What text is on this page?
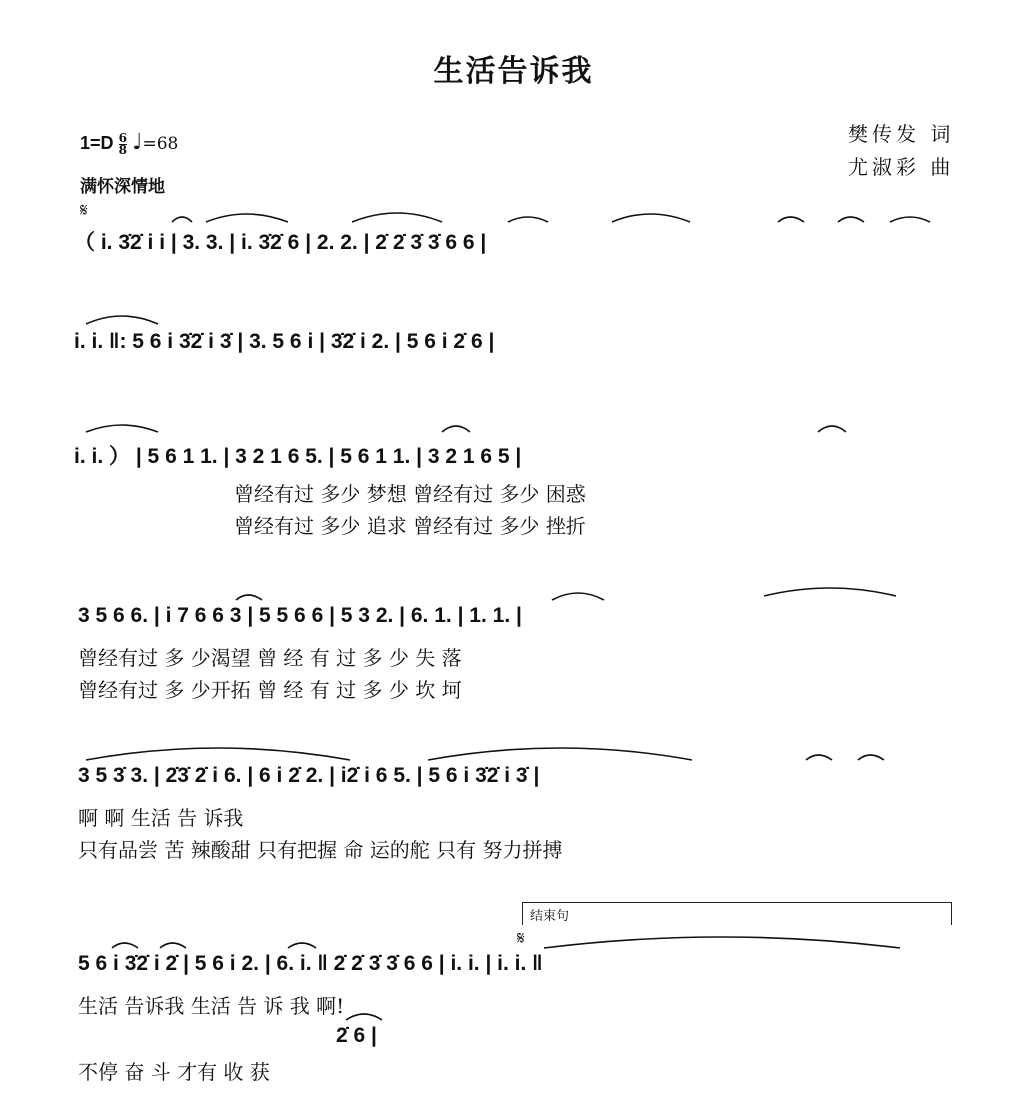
生活告诉我
樊传发 词
尤淑彩 曲
$1=D \frac{6}{8}$ ♩=68
满怀深情地
𝄋
（ i. 3̇2̇ i i | 3. 3. | i. 3̇2̇ 6 | 2. 2. | 2̇ 2̇ 3̇ 3̇ 6 6 |
i. i. ‖: 5 6 i 3̇2̇ i 3̇ | 3. 5 6 i | 3̇2̇ i 2. | 5 6 i 2̇ 6 |
i. i. ） | 5 6 1 1. | 3 2 1 6 5. | 5 6 1 1. | 3 2 1 6 5 |
曾经有过 多少 梦想 曾经有过 多少 困惑
曾经有过 多少 追求 曾经有过 多少 挫折
3 5 6 6. | i 7 6 6 3 | 5 5 6 6 | 5 3 2. | 6. 1. | 1. 1. |
曾经有过 多 少渴望 曾 经 有 过 多 少 失 落
曾经有过 多 少开拓 曾 经 有 过 多 少 坎 坷
3 5 3̇ 3. | 2̇3̇ 2̇ i 6. | 6 i 2̇ 2. | i2̇ i 6 5. | 5 6 i 3̇2̇ i 3̇ |
啊 啊 生活 告 诉我
只有品尝 苦 辣酸甜 只有把握 命 运的舵 只有 努力拼搏
结束句
𝄋
5 6 i 3̇2̇ i 2̇ | 5 6 i 2. | 6. i. ‖ 2̇ 2̇ 3̇ 3̇ 6 6 | i. i. | i. i. ‖
生活 告诉我 生活 告 诉 我 啊!
2̇ 6 |
不停 奋 斗 才有 收 获
